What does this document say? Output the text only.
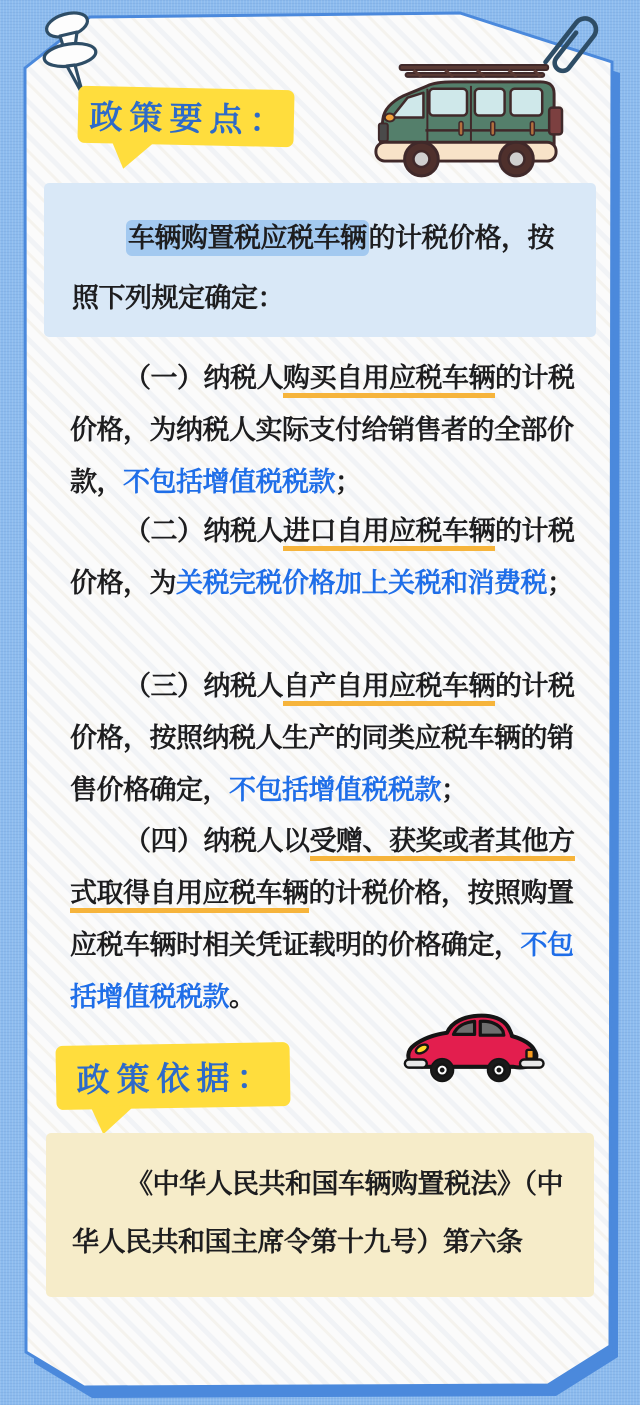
政策要点：

车辆购置税应税车辆的计税价格，按照下列规定确定：

（一）纳税人购买自用应税车辆的计税价格，为纳税人实际支付给销售者的全部价款，不包括增值税税款；

（二）纳税人进口自用应税车辆的计税价格，为关税完税价格加上关税和消费税；

（三）纳税人自产自用应税车辆的计税价格，按照纳税人生产的同类应税车辆的销售价格确定，不包括增值税税款；

（四）纳税人以受赠、获奖或者其他方式取得自用应税车辆的计税价格，按照购置应税车辆时相关凭证载明的价格确定，不包括增值税税款。

政策依据：

《中华人民共和国车辆购置税法》（中华人民共和国主席令第十九号）第六条
